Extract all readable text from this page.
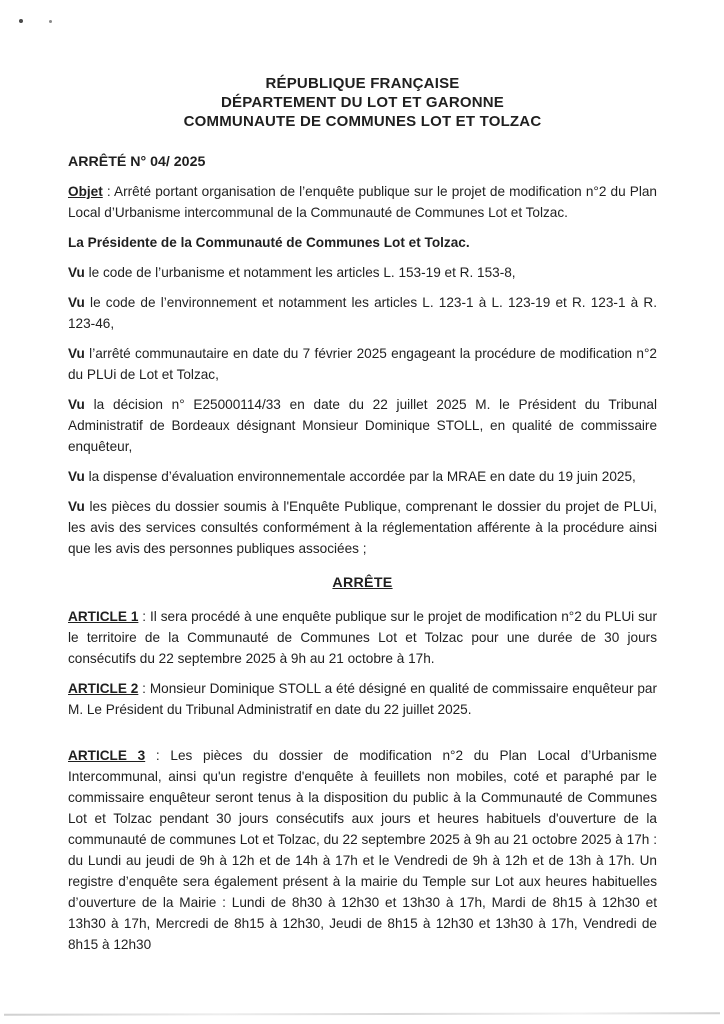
RÉPUBLIQUE FRANÇAISE
DÉPARTEMENT DU LOT ET GARONNE
COMMUNAUTE DE COMMUNES LOT ET TOLZAC
ARRÊTÉ N° 04/ 2025

Objet : Arrêté portant organisation de l’enquête publique sur le projet de modification n°2 du Plan Local d’Urbanisme intercommunal de la Communauté de Communes Lot et Tolzac.

La Présidente de la Communauté de Communes Lot et Tolzac.

Vu le code de l’urbanisme et notamment les articles L. 153-19 et R. 153-8,

Vu le code de l’environnement et notamment les articles L. 123-1 à L. 123-19 et R. 123-1 à R. 123-46,

Vu l’arrêté communautaire en date du 7 février 2025 engageant la procédure de modification n°2 du PLUi de Lot et Tolzac,

Vu la décision n° E25000114/33 en date du 22 juillet 2025 M. le Président du Tribunal Administratif de Bordeaux désignant Monsieur Dominique STOLL, en qualité de commissaire enquêteur,

Vu la dispense d’évaluation environnementale accordée par la MRAE en date du 19 juin 2025,

Vu les pièces du dossier soumis à l'Enquête Publique, comprenant le dossier du projet de PLUi, les avis des services consultés conformément à la réglementation afférente à la procédure ainsi que les avis des personnes publiques associées ;

ARRÊTE

ARTICLE 1 : Il sera procédé à une enquête publique sur le projet de modification n°2 du PLUi sur le territoire de la Communauté de Communes Lot et Tolzac pour une durée de 30 jours consécutifs du 22 septembre 2025 à 9h au 21 octobre à 17h.

ARTICLE 2 : Monsieur Dominique STOLL a été désigné en qualité de commissaire enquêteur par M. Le Président du Tribunal Administratif en date du 22 juillet 2025.

ARTICLE 3 : Les pièces du dossier de modification n°2 du Plan Local d’Urbanisme Intercommunal, ainsi qu'un registre d'enquête à feuillets non mobiles, coté et paraphé par le commissaire enquêteur seront tenus à la disposition du public à la Communauté de Communes Lot et Tolzac pendant 30 jours consécutifs aux jours et heures habituels d'ouverture de la communauté de communes Lot et Tolzac, du 22 septembre 2025 à 9h au 21 octobre 2025 à 17h : du Lundi au jeudi de 9h à 12h et de 14h à 17h et le Vendredi de 9h à 12h et de 13h à 17h. Un registre d’enquête sera également présent à la mairie du Temple sur Lot aux heures habituelles d’ouverture de la Mairie : Lundi de 8h30 à 12h30 et 13h30 à 17h, Mardi de 8h15 à 12h30 et 13h30 à 17h, Mercredi de 8h15 à 12h30, Jeudi de 8h15 à 12h30 et 13h30 à 17h, Vendredi de 8h15 à 12h30
